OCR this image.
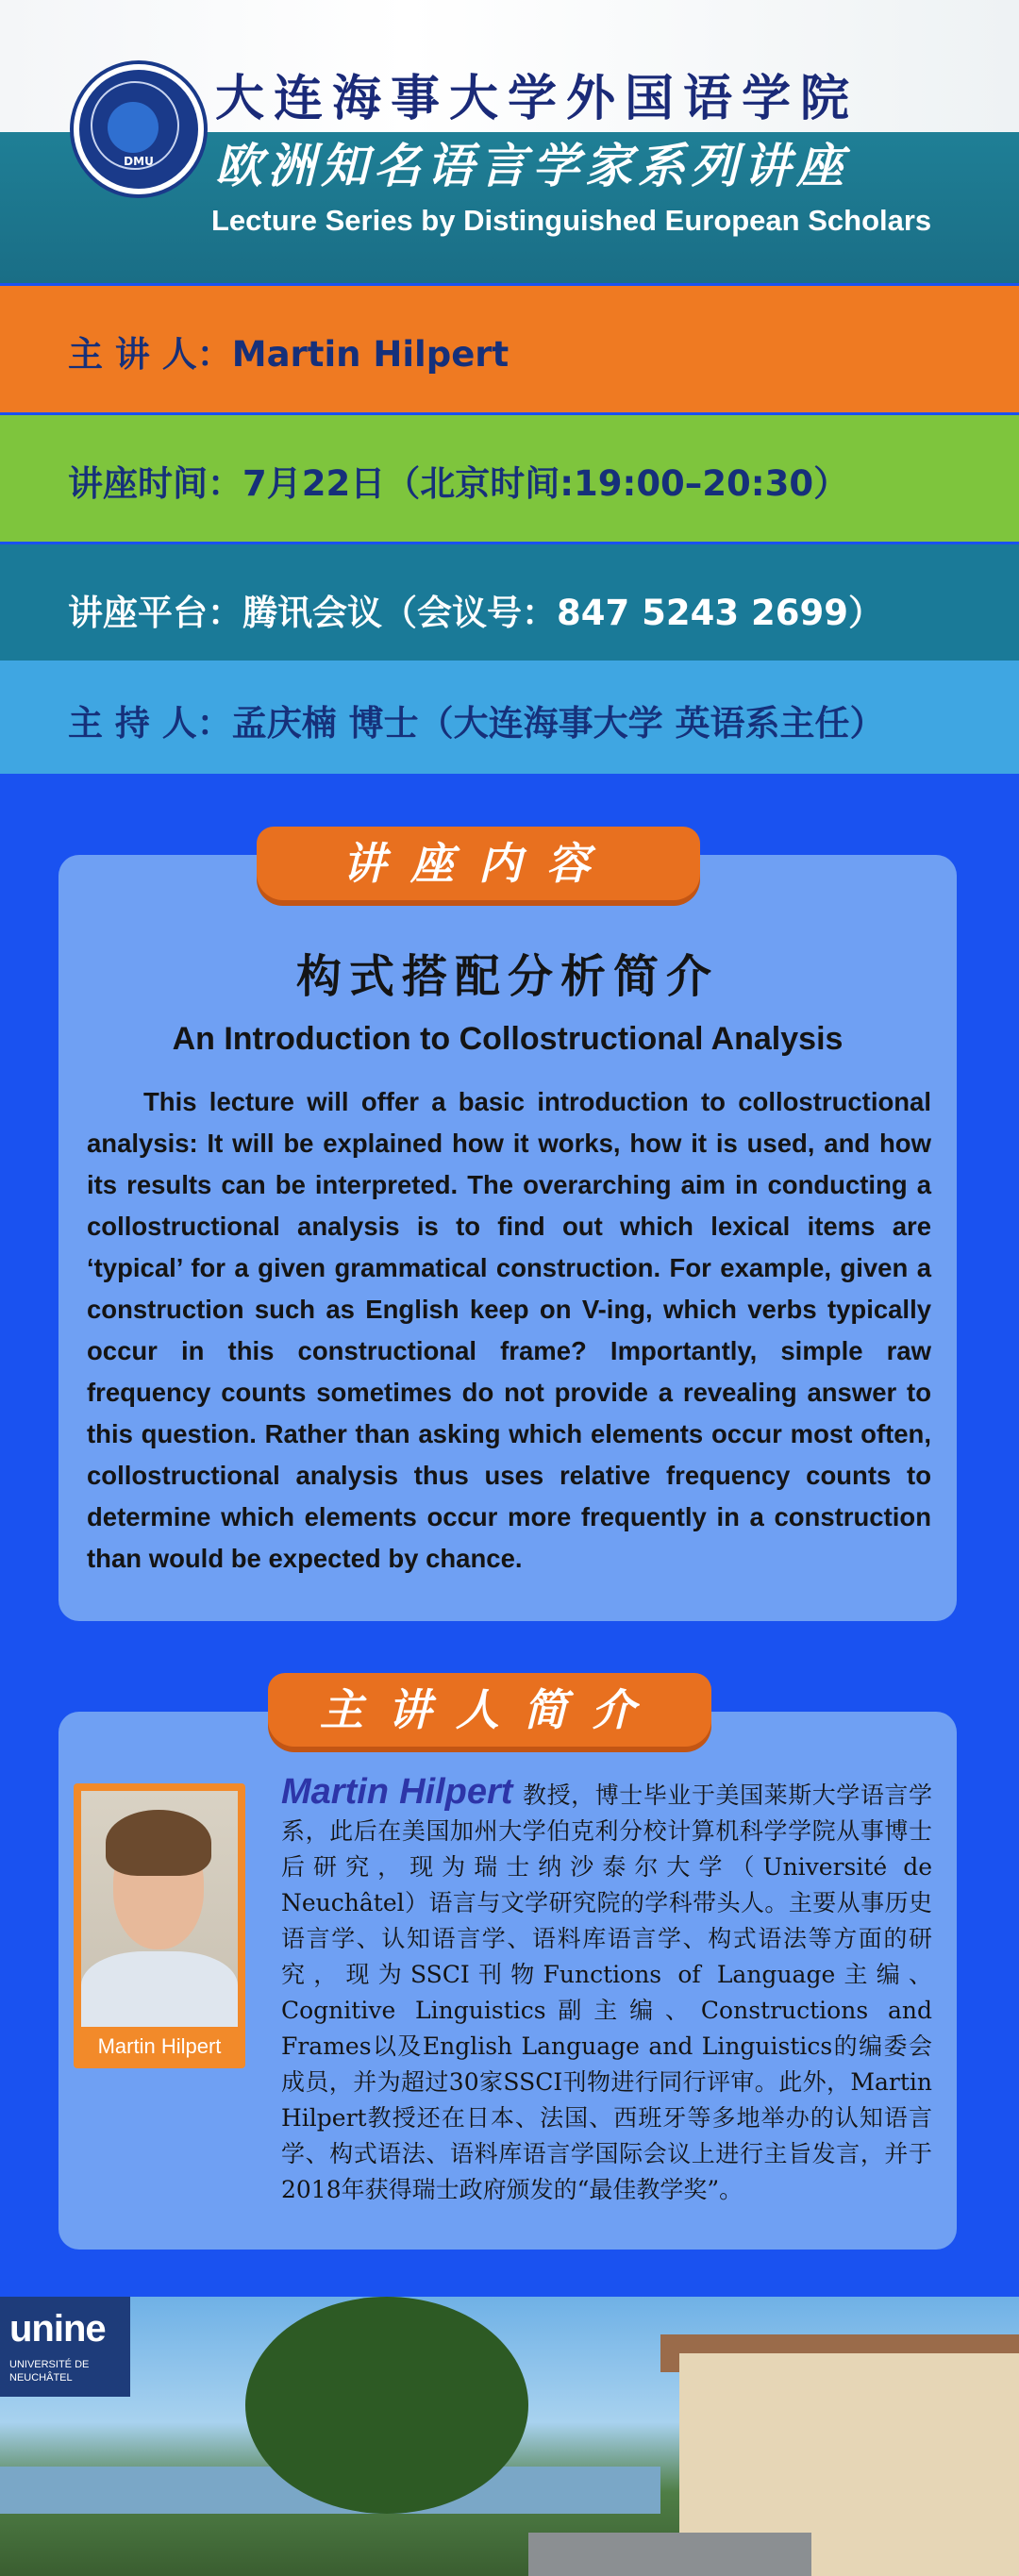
DMU
大连海事大学外国语学院
欧洲知名语言学家系列讲座
Lecture Series by Distinguished European Scholars
主 讲 人：Martin Hilpert
讲座时间：7月22日（北京时间:19:00–20:30）
讲座平台：腾讯会议（会议号：847 5243 2699）
主 持 人：孟庆楠 博士（大连海事大学 英语系主任）
讲座内容
构式搭配分析简介
An Introduction to Collostructional Analysis
This lecture will offer a basic introduction to collostructional analysis: It will be explained how it works, how it is used, and how its results can be interpreted. The overarching aim in conducting a collostructional analysis is to find out which lexical items are ‘typical’ for a given grammatical construction. For example, given a construction such as English keep on V-ing, which verbs typically occur in this constructional frame? Importantly, simple raw frequency counts sometimes do not provide a revealing answer to this question. Rather than asking which elements occur most often, collostructional analysis thus uses relative frequency counts to determine which elements occur more frequently in a construction than would be expected by chance.
主讲人简介
Martin Hilpert
Martin Hilpert 教授，博士毕业于美国莱斯大学语言学系，此后在美国加州大学伯克利分校计算机科学学院从事博士后研究，现为瑞士纳沙泰尔大学（Université de Neuchâtel）语言与文学研究院的学科带头人。主要从事历史语言学、认知语言学、语料库语言学、构式语法等方面的研究，现为SSCI刊物Functions of Language主编、Cognitive Linguistics副主编、Constructions and Frames以及English Language and Linguistics的编委会成员，并为超过30家SSCI刊物进行同行评审。此外，Martin Hilpert教授还在日本、法国、西班牙等多地举办的认知语言学、构式语法、语料库语言学国际会议上进行主旨发言，并于2018年获得瑞士政府颁发的“最佳教学奖”。
unine
UNIVERSITÉ DE
NEUCHÂTEL
